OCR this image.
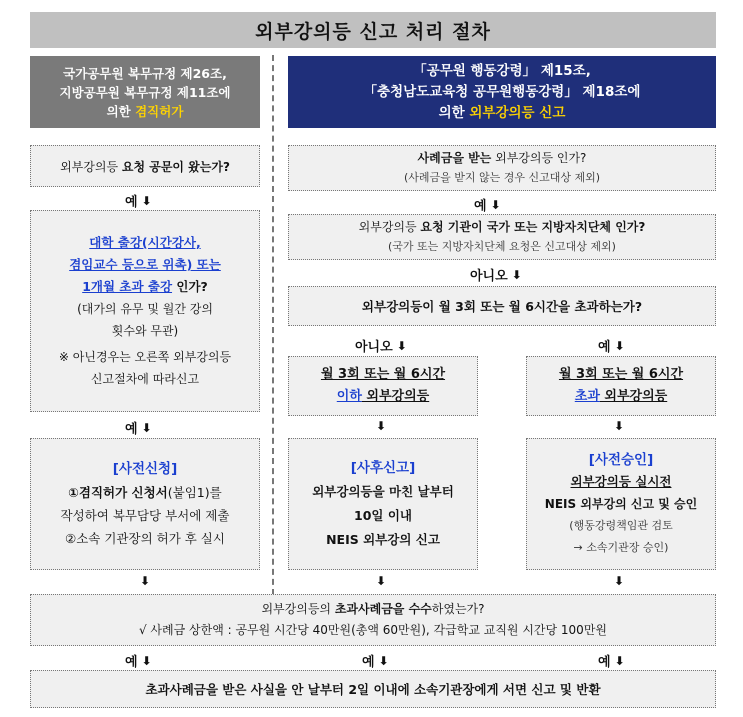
외부강의등 신고 처리 절차
국가공무원 복무규정 제26조,
지방공무원 복무규정 제11조에
의한 겸직허가
「공무원 행동강령」 제15조,
「충청남도교육청 공무원행동강령」 제18조에
의한 외부강의등 신고
외부강의등 요청 공문이 왔는가?
예 ⬇
대학 출강(시간강사,
겸임교수 등으로 위촉) 또는
1개월 초과 출강 인가?
(대가의 유무 및 월간 강의
횟수와 무관)
※ 아닌경우는 오른쪽 외부강의등
신고절차에 따라신고
예 ⬇
[사전신청]
①겸직허가 신청서(붙임1)를
작성하여 복무담당 부서에 제출
②소속 기관장의 허가 후 실시
⬇
사례금을 받는 외부강의등 인가?
(사례금을 받지 않는 경우 신고대상 제외)
예 ⬇
외부강의등 요청 기관이 국가 또는 지방자치단체 인가?
(국가 또는 지방자치단체 요청은 신고대상 제외)
아니오 ⬇
외부강의등이 월 3회 또는 월 6시간을 초과하는가?
아니오 ⬇	예 ⬇
월 3회 또는 월 6시간
이하 외부강의등
월 3회 또는 월 6시간
초과 외부강의등
⬇	⬇
[사후신고]
외부강의등을 마친 날부터
10일 이내
NEIS 외부강의 신고
[사전승인]
외부강의등 실시전
NEIS 외부강의 신고 및 승인
(행동강령책임관 검토
→ 소속기관장 승인)
⬇	⬇
외부강의등의 초과사례금을 수수하였는가?
√ 사례금 상한액 : 공무원 시간당 40만원(총액 60만원), 각급학교 교직원 시간당 100만원
예 ⬇	예 ⬇	예 ⬇
초과사례금을 받은 사실을 안 날부터 2일 이내에 소속기관장에게 서면 신고 및 반환
